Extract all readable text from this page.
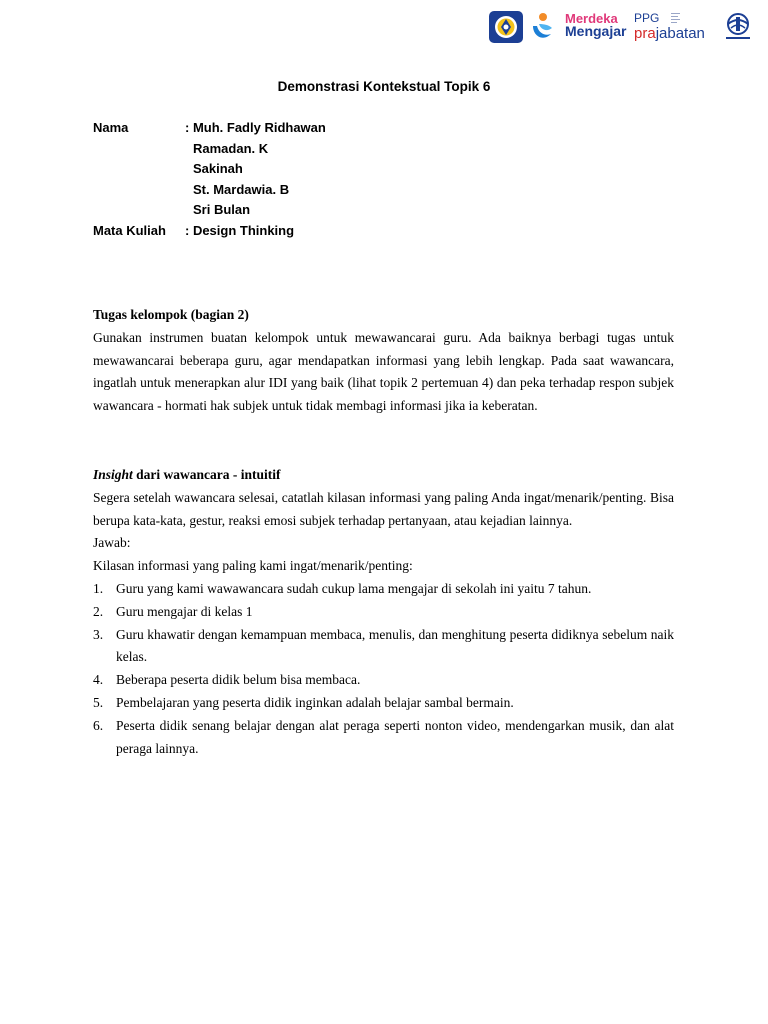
Merdeka
Mengajar
PPG
prajabatan
Demonstrasi Kontekstual Topik 6
Nama	: Muh. Fadly Ridhawan
Ramadan. K
Sakinah
St. Mardawia. B
Sri Bulan
Mata Kuliah : Design Thinking
Tugas kelompok (bagian 2)
Gunakan instrumen buatan kelompok untuk mewawancarai guru. Ada baiknya berbagi tugas untuk mewawancarai beberapa guru, agar mendapatkan informasi yang lebih lengkap. Pada saat wawancara, ingatlah untuk menerapkan alur IDI yang baik (lihat topik 2 pertemuan 4) dan peka terhadap respon subjek wawancara - hormati hak subjek untuk tidak membagi informasi jika ia keberatan.
Insight dari wawancara - intuitif
Segera setelah wawancara selesai, catatlah kilasan informasi yang paling Anda ingat/menarik/penting. Bisa berupa kata-kata, gestur, reaksi emosi subjek terhadap pertanyaan, atau kejadian lainnya.
Jawab:
Kilasan informasi yang paling kami ingat/menarik/penting:
1. Guru yang kami wawawancara sudah cukup lama mengajar di sekolah ini yaitu 7 tahun.
2. Guru mengajar di kelas 1
3. Guru khawatir dengan kemampuan membaca, menulis, dan menghitung peserta didiknya sebelum naik kelas.
4. Beberapa peserta didik belum bisa membaca.
5. Pembelajaran yang peserta didik inginkan adalah belajar sambal bermain.
6. Peserta didik senang belajar dengan alat peraga seperti nonton video, mendengarkan musik, dan alat peraga lainnya.
